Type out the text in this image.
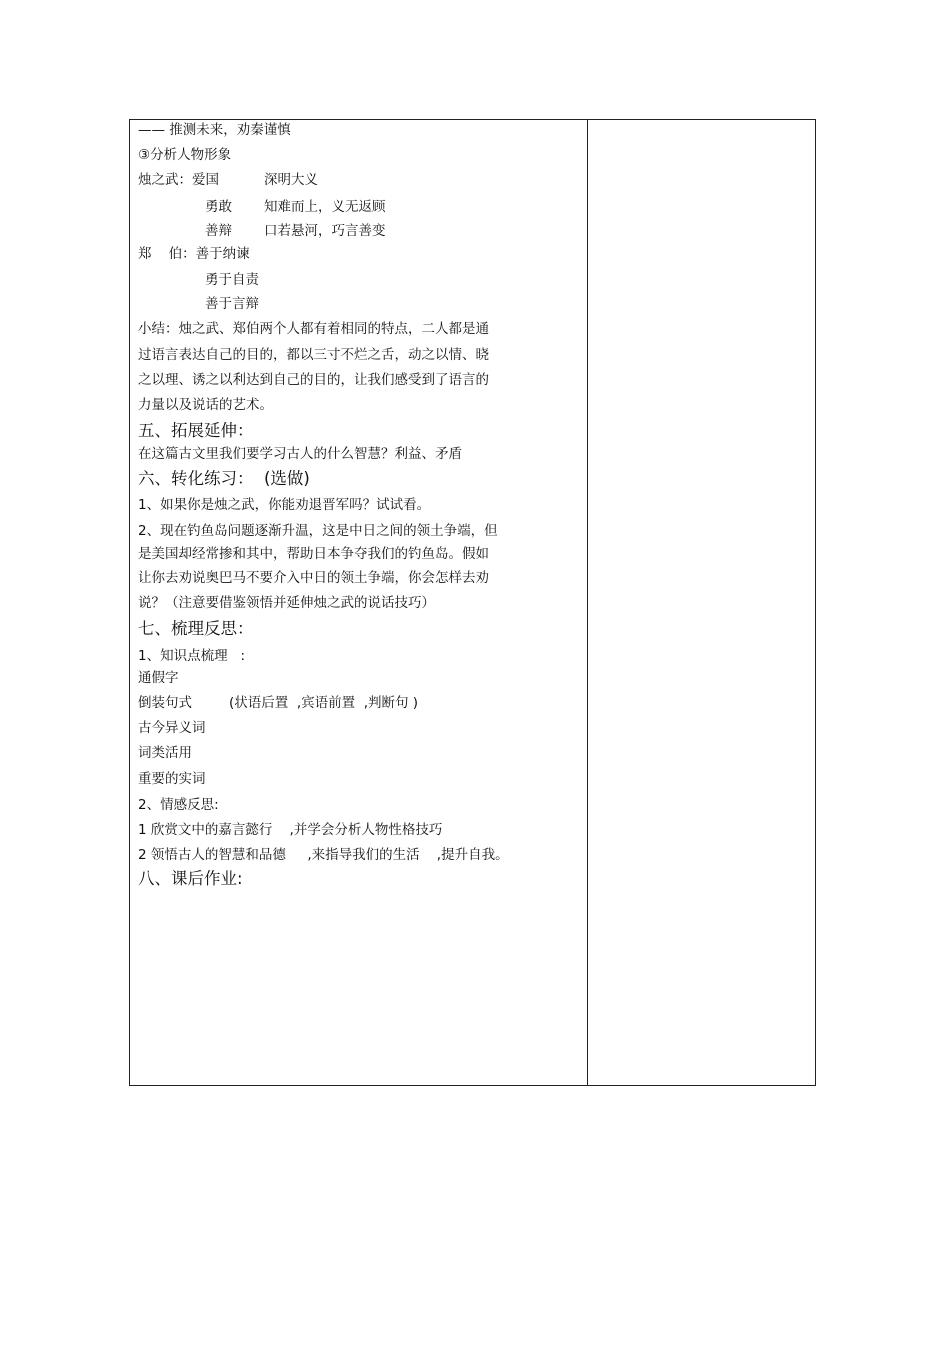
—— 推测未来，劝秦谨慎
③分析人物形象
烛之武：爱国	深明大义
勇敢 知难而上，义无返顾
善辩 口若悬河，巧言善变
郑    伯：善于纳谏
勇于自责
善于言辩
小结：烛之武、郑伯两个人都有着相同的特点，二人都是通
过语言表达自己的目的，都以三寸不烂之舌，动之以情、晓
之以理、诱之以利达到自己的目的，让我们感受到了语言的
力量以及说话的艺术。
五、拓展延伸：
在这篇古文里我们要学习古人的什么智慧？利益、矛盾
六、转化练习：  (选做)
1、如果你是烛之武，你能劝退晋军吗？试试看。
2、现在钓鱼岛问题逐渐升温，这是中日之间的领土争端，但
是美国却经常掺和其中，帮助日本争夺我们的钓鱼岛。假如
让你去劝说奥巴马不要介入中日的领土争端，你会怎样去劝
说？（注意要借鉴领悟并延伸烛之武的说话技巧）
七、梳理反思：
1、知识点梳理   :
通假字
倒装句式	(状语后置  ,宾语前置  ,判断句 )
古今异义词
词类活用
重要的实词
2、情感反思:
1 欣赏文中的嘉言懿行    ,并学会分析人物性格技巧
2 领悟古人的智慧和品德     ,来指导我们的生活    ,提升自我。
八、课后作业:
